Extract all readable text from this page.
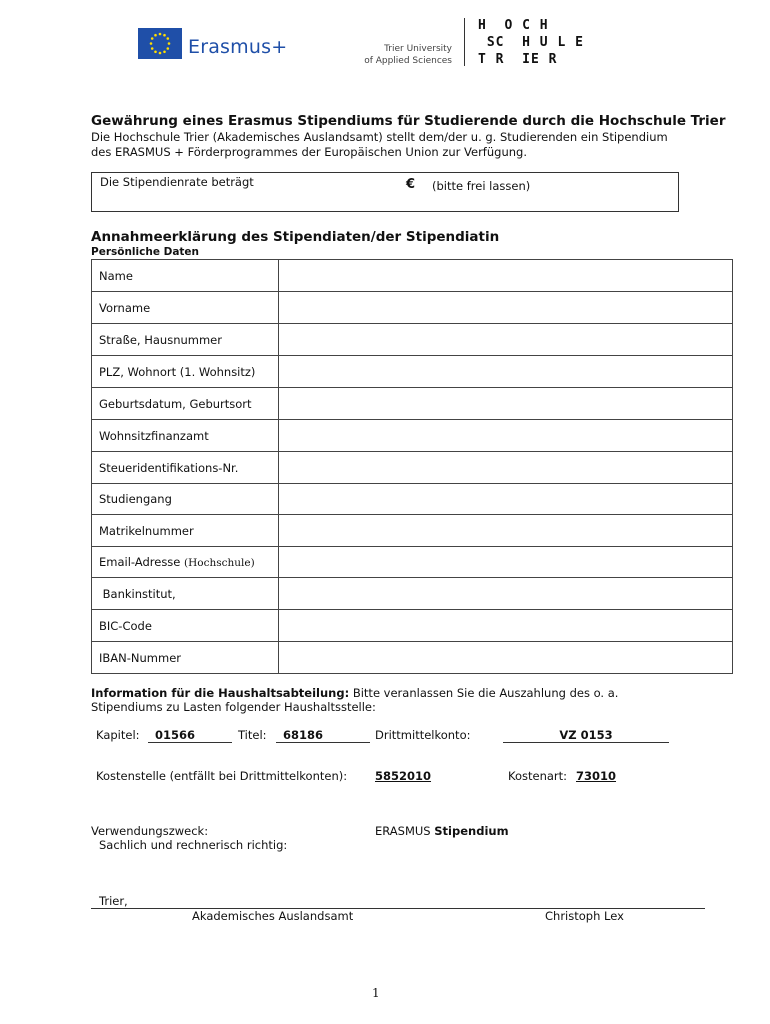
Erasmus+	Trier University
of Applied Sciences
H  O C H
SC  H U L E
T R  IE R
Gewährung eines Erasmus Stipendiums für Studierende durch die Hochschule Trier
Die Hochschule Trier (Akademisches Auslandsamt) stellt dem/der u. g. Studierenden ein Stipendium des ERASMUS + Förderprogrammes der Europäischen Union zur Verfügung.
Die Stipendienrate beträgt	€ (bitte frei lassen)
Annahmeerklärung des Stipendiaten/der Stipendiatin
Persönliche Daten
Name	
Vorname	
Straße, Hausnummer	
PLZ, Wohnort (1. Wohnsitz)	
Geburtsdatum, Geburtsort	
Wohnsitzfinanzamt	
Steueridentifikations-Nr.	
Studiengang	
Matrikelnummer	
Email-Adresse (Hochschule)	
Bankinstitut,	
BIC-Code	
IBAN-Nummer	
Information für die Haushaltsabteilung: Bitte veranlassen Sie die Auszahlung des o. a. Stipendiums zu Lasten folgender Haushaltsstelle:
Kapitel:	01566	Titel:	68186	Drittmittelkonto:	VZ 0153
Kostenstelle (entfällt bei Drittmittelkonten): 5852010	Kostenart: 73010
Verwendungszweck:	ERASMUS Stipendium
Sachlich und rechnerisch richtig:
Trier,
Akademisches Auslandsamt	Christoph Lex
1
